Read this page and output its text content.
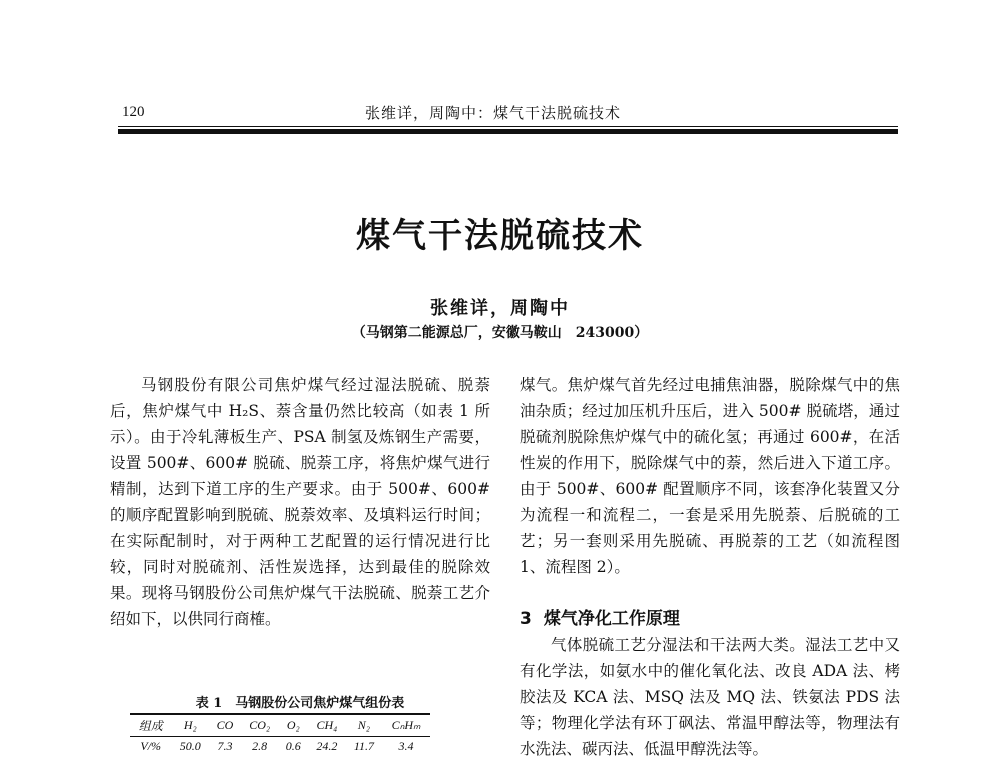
120	张维详，周陶中：煤气干法脱硫技术
煤气干法脱硫技术
张维详，周陶中
（马钢第二能源总厂，安徽马鞍山　243000）

马钢股份有限公司焦炉煤气经过湿法脱硫、脱萘后，焦炉煤气中 H₂S、萘含量仍然比较高（如表 1 所示）。由于冷轧薄板生产、PSA 制氢及炼钢生产需要，设置 500#、600# 脱硫、脱萘工序，将焦炉煤气进行精制，达到下道工序的生产要求。由于 500#、600# 的顺序配置影响到脱硫、脱萘效率、及填料运行时间；在实际配制时，对于两种工艺配置的运行情况进行比较，同时对脱硫剂、活性炭选择，达到最佳的脱除效果。现将马钢股份公司焦炉煤气干法脱硫、脱萘工艺介绍如下，以供同行商榷。

表 1　马钢股份公司焦炉煤气组份表
组成	H₂	CO	CO₂	O₂	CH₄	N₂	CₙHₘ
V/%	50.0	7.3	2.8	0.6	24.2	11.7	3.4

煤气。焦炉煤气首先经过电捕焦油器，脱除煤气中的焦油杂质；经过加压机升压后，进入 500# 脱硫塔，通过脱硫剂脱除焦炉煤气中的硫化氢；再通过 600#，在活性炭的作用下，脱除煤气中的萘，然后进入下道工序。由于 500#、600# 配置顺序不同，该套净化装置又分为流程一和流程二，一套是采用先脱萘、后脱硫的工艺；另一套则采用先脱硫、再脱萘的工艺（如流程图 1、流程图 2）。

3 煤气净化工作原理

气体脱硫工艺分湿法和干法两大类。湿法工艺中又有化学法，如氨水中的催化氧化法、改良 ADA 法、栲胶法及 KCA 法、MSQ 法及 MQ 法、铁氨法 PDS 法等；物理化学法有环丁砜法、常温甲醇法等，物理法有水洗法、碳丙法、低温甲醇洗法等。
